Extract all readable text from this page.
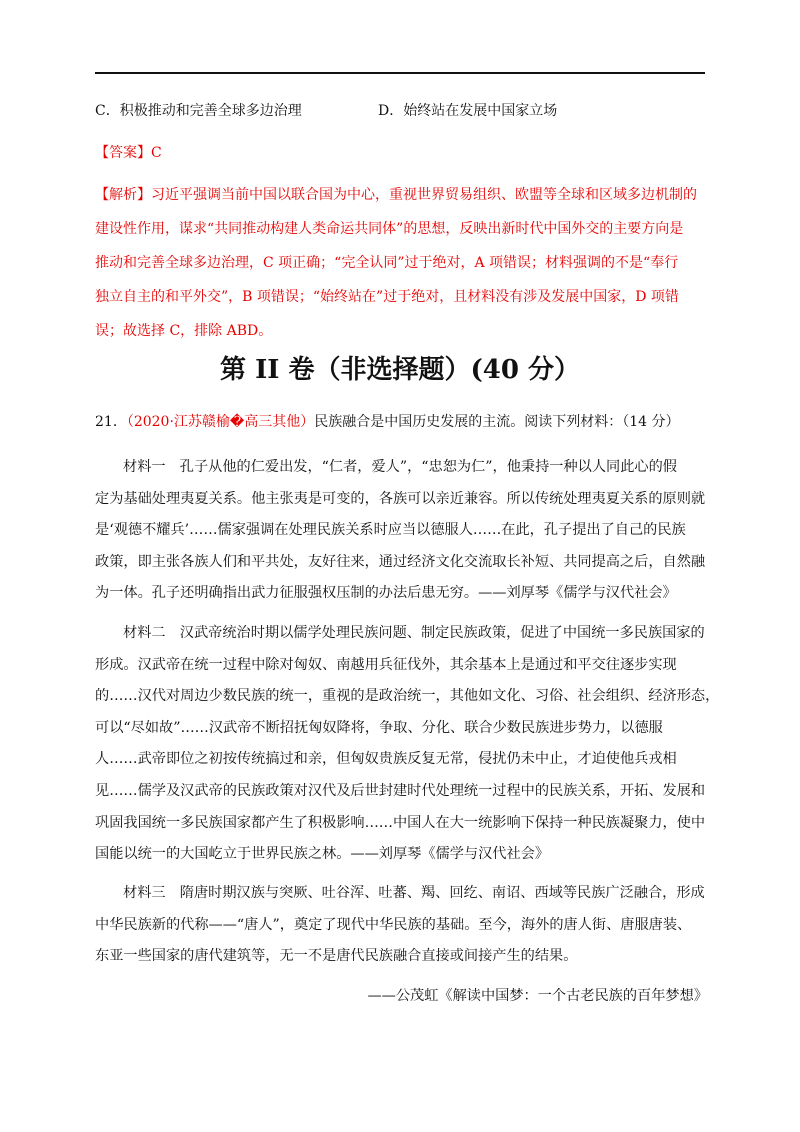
C．积极推动和完善全球多边治理	D．始终站在发展中国家立场
【答案】C
【解析】习近平强调当前中国以联合国为中心，重视世界贸易组织、欧盟等全球和区域多边机制的
建设性作用，谋求“共同推动构建人类命运共同体”的思想，反映出新时代中国外交的主要方向是
推动和完善全球多边治理，C 项正确；“完全认同”过于绝对，A 项错误；材料强调的不是“奉行
独立自主的和平外交”，B 项错误；“始终站在”过于绝对，且材料没有涉及发展中国家，D 项错
误；故选择 C，排除 ABD。
第 II 卷（非选择题）(40 分）
21．（2020·江苏赣榆�高三其他）民族融合是中国历史发展的主流。阅读下列材料：（14 分）
材料一　孔子从他的仁爱出发，“仁者，爱人”，“忠恕为仁”，他秉持一种以人同此心的假
定为基础处理夷夏关系。他主张夷是可变的，各族可以亲近兼容。所以传统处理夷夏关系的原则就
是‘观德不耀兵’……儒家强调在处理民族关系时应当以德服人……在此，孔子提出了自己的民族
政策，即主张各族人们和平共处，友好往来，通过经济文化交流取长补短、共同提高之后，自然融
为一体。孔子还明确指出武力征服强权压制的办法后患无穷。——刘厚琴《儒学与汉代社会》
材料二　汉武帝统治时期以儒学处理民族问题、制定民族政策，促进了中国统一多民族国家的
形成。汉武帝在统一过程中除对匈奴、南越用兵征伐外，其余基本上是通过和平交往逐步实现
的……汉代对周边少数民族的统一，重视的是政治统一，其他如文化、习俗、社会组织、经济形态，
可以“尽如故”……汉武帝不断招抚匈奴降将，争取、分化、联合少数民族进步势力，以德服
人……武帝即位之初按传统搞过和亲，但匈奴贵族反复无常，侵扰仍未中止，才迫使他兵戎相
见……儒学及汉武帝的民族政策对汉代及后世封建时代处理统一过程中的民族关系，开拓、发展和
巩固我国统一多民族国家都产生了积极影响……中国人在大一统影响下保持一种民族凝聚力，使中
国能以统一的大国屹立于世界民族之林。——刘厚琴《儒学与汉代社会》
材料三　隋唐时期汉族与突厥、吐谷浑、吐蕃、羯、回纥、南诏、西域等民族广泛融合，形成
中华民族新的代称——“唐人”，奠定了现代中华民族的基础。至今，海外的唐人街、唐服唐装、
东亚一些国家的唐代建筑等，无一不是唐代民族融合直接或间接产生的结果。
——公茂虹《解读中国梦：一个古老民族的百年梦想》
